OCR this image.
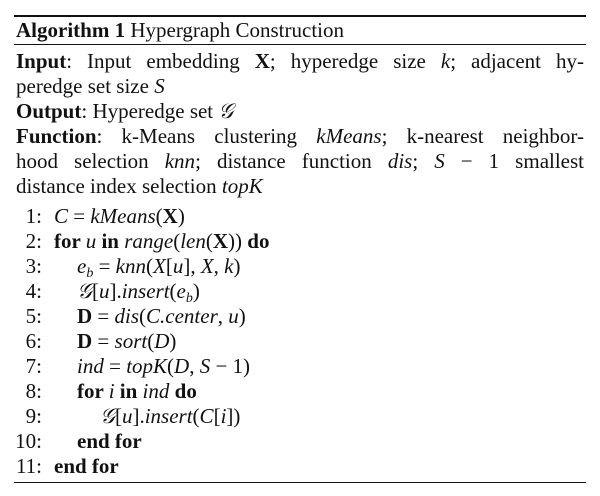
Algorithm 1 Hypergraph Construction
Input: Input embedding X; hyperedge size k; adjacent hy-
peredge set size S
Output: Hyperedge set 𝒢
Function: k-Means clustering kMeans; k-nearest neighbor-
hood selection knn; distance function dis; S − 1 smallest
distance index selection topK
1: C = kMeans(X)
2: for u in range(len(X)) do
3: eb = knn(X[u], X, k)
4: 𝒢[u].insert(eb)
5: D = dis(C.center, u)
6: D = sort(D)
7: ind = topK(D, S − 1)
8: for i in ind do
9:	𝒢[u].insert(C[i])
10: end for
11: end for
